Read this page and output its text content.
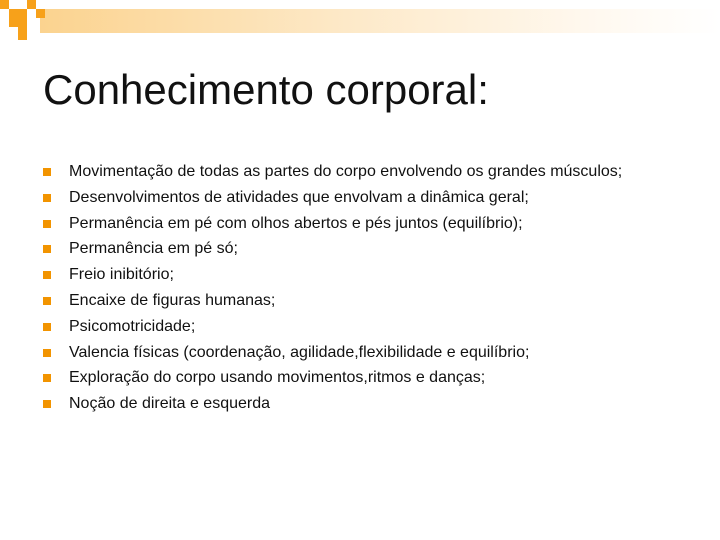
Conhecimento corporal:
Movimentação de todas as partes do corpo envolvendo os grandes músculos;
Desenvolvimentos de atividades que envolvam a dinâmica geral;
Permanência em pé com olhos abertos e pés juntos (equilíbrio);
Permanência em pé só;
Freio inibitório;
Encaixe de figuras humanas;
Psicomotricidade;
Valencia físicas (coordenação, agilidade,flexibilidade e equilíbrio;
Exploração do corpo usando movimentos,ritmos e danças;
Noção de direita e esquerda
